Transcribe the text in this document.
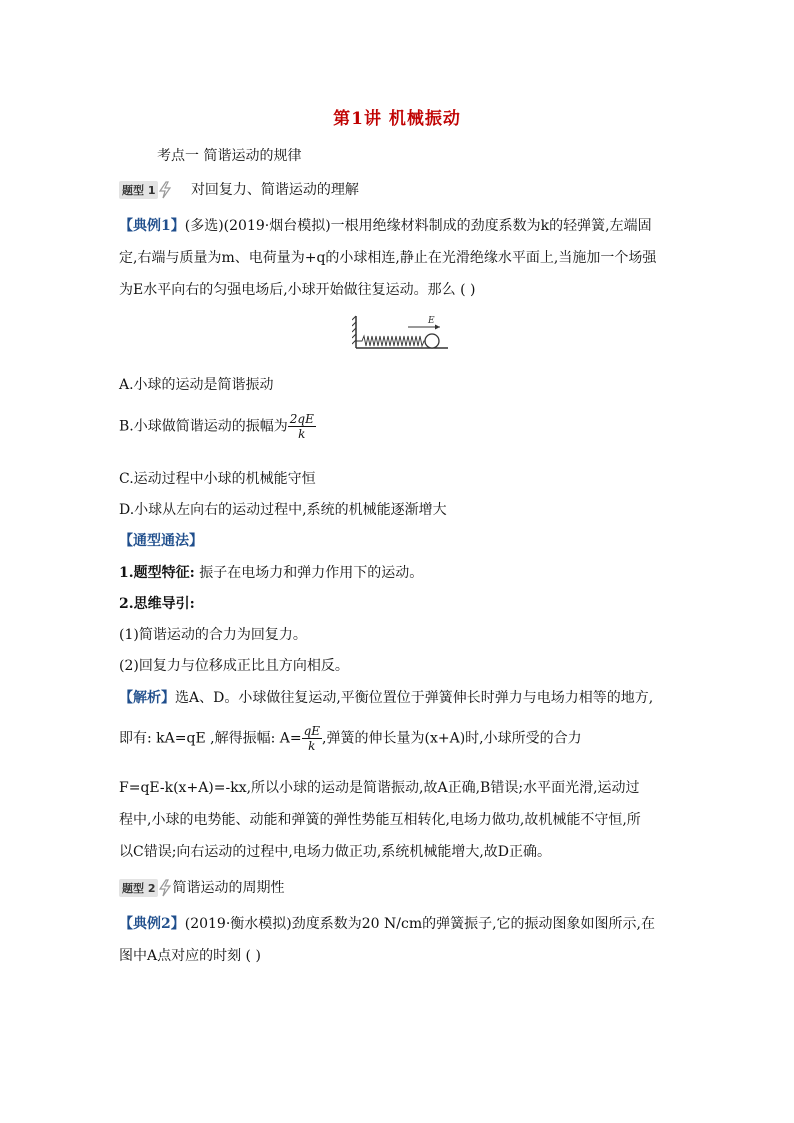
第1讲 机械振动
考点一 简谐运动的规律
题型 1	对回复力、简谐运动的理解
【典例1】(多选)(2019·烟台模拟)一根用绝缘材料制成的劲度系数为k的轻弹簧,左端固
定,右端与质量为m、电荷量为+q的小球相连,静止在光滑绝缘水平面上,当施加一个场强
为E水平向右的匀强电场后,小球开始做往复运动。那么 ( )
E
A.小球的运动是简谐振动
B.小球做简谐运动的振幅为 $\frac{2qE}{k}$
C.运动过程中小球的机械能守恒
D.小球从左向右的运动过程中,系统的机械能逐渐增大
【通型通法】
1.题型特征: 振子在电场力和弹力作用下的运动。
2.思维导引:
(1)简谐运动的合力为回复力。
(2)回复力与位移成正比且方向相反。
【解析】选A、D。小球做往复运动,平衡位置位于弹簧伸长时弹力与电场力相等的地方,
即有: kA=qE ,解得振幅: $A= \frac{qE}{k}$ ,弹簧的伸长量为(x+A)时,小球所受的合力
F=qE-k(x+A)=-kx,所以小球的运动是简谐振动,故A正确,B错误;水平面光滑,运动过
程中,小球的电势能、动能和弹簧的弹性势能互相转化,电场力做功,故机械能不守恒,所
以C错误;向右运动的过程中,电场力做正功,系统机械能增大,故D正确。
题型 2 简谐运动的周期性
【典例2】(2019·衡水模拟)劲度系数为20 N/cm的弹簧振子,它的振动图象如图所示,在
图中A点对应的时刻 ( )
